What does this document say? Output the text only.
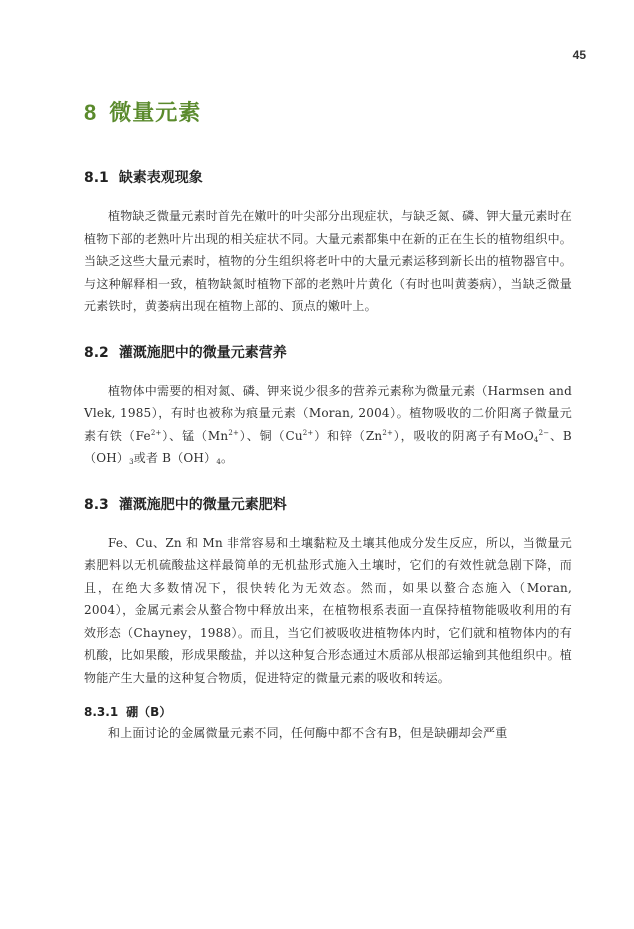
45
8 微量元素
8.1 缺素表观现象

植物缺乏微量元素时首先在嫩叶的叶尖部分出现症状，与缺乏氮、磷、钾大量元素时在植物下部的老熟叶片出现的相关症状不同。大量元素都集中在新的正在生长的植物组织中。当缺乏这些大量元素时，植物的分生组织将老叶中的大量元素运移到新长出的植物器官中。与这种解释相一致，植物缺氮时植物下部的老熟叶片黄化（有时也叫黄萎病），当缺乏微量元素铁时，黄萎病出现在植物上部的、顶点的嫩叶上。

8.2 灌溉施肥中的微量元素营养

植物体中需要的相对氮、磷、钾来说少很多的营养元素称为微量元素（Harmsen and Vlek, 1985），有时也被称为痕量元素（Moran, 2004）。植物吸收的二价阳离子微量元素有铁$(Fe^{2+})$、锰$(Mn^{2+})$、铜$(Cu^{2+})$和锌$(Zn^{2+})$，吸收的阴离子有MoO$_4^{2-}$、$B(OH)_3$或者 $B(OH)_4$。

8.3 灌溉施肥中的微量元素肥料

Fe、Cu、Zn 和 Mn 非常容易和土壤黏粒及土壤其他成分发生反应，所以，当微量元素肥料以无机硫酸盐这样最简单的无机盐形式施入土壤时，它们的有效性就急剧下降，而且，在绝大多数情况下，很快转化为无效态。然而，如果以螯合态施入（Moran, 2004），金属元素会从螯合物中释放出来，在植物根系表面一直保持植物能吸收利用的有效形态（Chayney，1988）。而且，当它们被吸收进植物体内时，它们就和植物体内的有机酸，比如果酸，形成果酸盐，并以这种复合形态通过木质部从根部运输到其他组织中。植物能产生大量的这种复合物质，促进特定的微量元素的吸收和转运。

8.3.1 硼（B）

和上面讨论的金属微量元素不同，任何酶中都不含有B，但是缺硼却会严重
